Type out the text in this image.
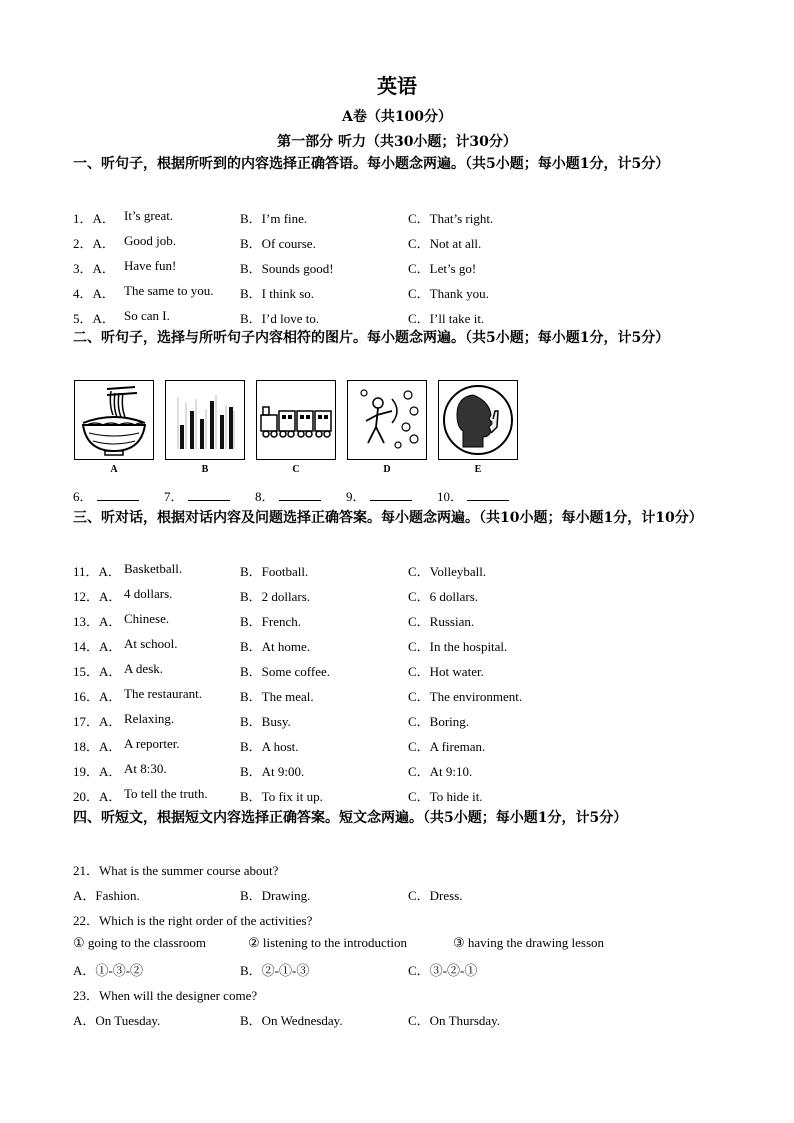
英语
A卷（共100分）
第一部分 听力（共30小题；计30分）
一、听句子，根据所听到的内容选择正确答语。每小题念两遍。（共5小题；每小题1分，计5分）
1．A． It’s great.	B．I’m fine.	C．That’s right.
2．A． Good job.	B．Of course.	C．Not at all.
3．A． Have fun!	B．Sounds good!	C．Let’s go!
4．A． The same to you. B．I think so.	C．Thank you.
5．A． So can I.	B．I’d love to.	C．I’ll take it.
二、听句子，选择与所听句子内容相符的图片。每小题念两遍。（共5小题；每小题1分，计5分）
A	B	C	D	E
6．	7．	8．	9．	10．
三、听对话，根据对话内容及问题选择正确答案。每小题念两遍。（共10小题；每小题1分，计10分）
11．A． Basketball.	B．Football.	C．Volleyball.
12．A． 4 dollars.	B．2 dollars.	C．6 dollars.
13．A． Chinese.	B．French.	C．Russian.
14．A． At school.	B．At home.	C．In the hospital.
15．A． A desk.	B．Some coffee.	C．Hot water.
16．A． The restaurant.	B．The meal.	C．The environment.
17．A． Relaxing.	B．Busy.	C．Boring.
18．A． A reporter.	B．A host.	C．A fireman.
19．A． At 8:30.	B．At 9:00.	C．At 9:10.
20．A． To tell the truth. B．To fix it up.	C．To hide it.
四、听短文，根据短文内容选择正确答案。短文念两遍。（共5小题；每小题1分，计5分）
21．What is the summer course about?
A．Fashion.	B．Drawing.	C．Dress.
22．Which is the right order of the activities?
① going to the classroom	② listening to the introduction	③ having the drawing lesson
A．①-③-②	B．②-①-③	C．③-②-①
23．When will the designer come?
A．On Tuesday.	B．On Wednesday.	C．On Thursday.
